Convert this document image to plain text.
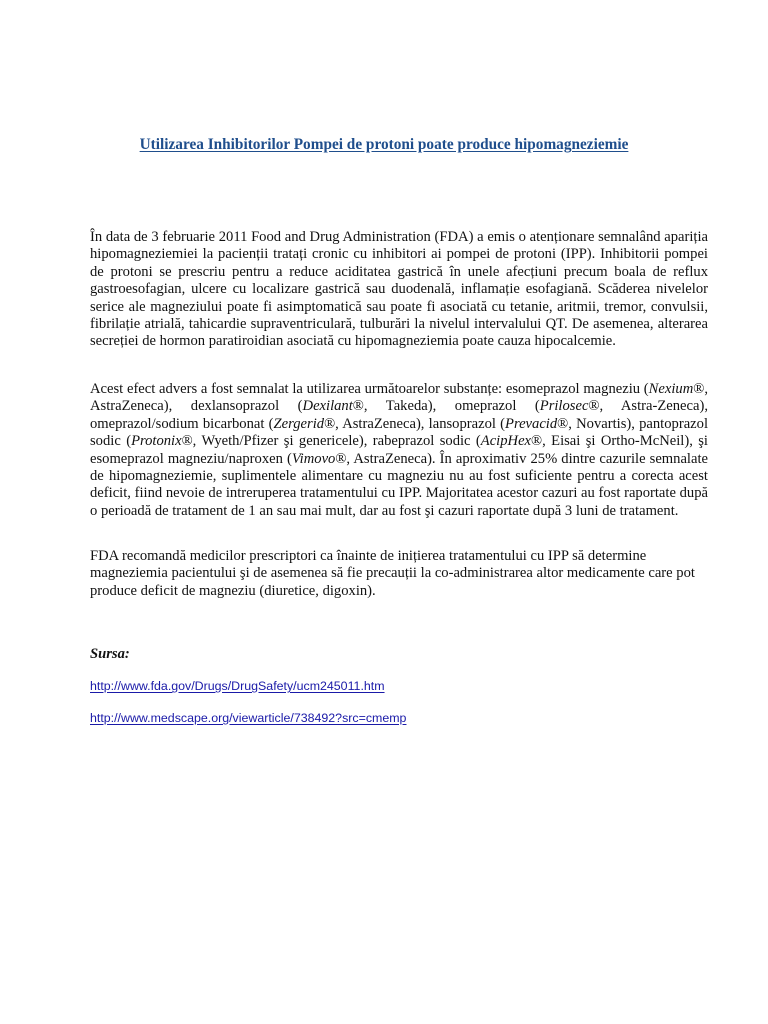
Utilizarea Inhibitorilor Pompei de protoni poate produce hipomagneziemie

În data de 3 februarie 2011 Food and Drug Administration (FDA) a emis o atenționare semnalând apariția hipomagneziemiei la pacienții tratați cronic cu inhibitori ai pompei de protoni (IPP). Inhibitorii pompei de protoni se prescriu pentru a reduce aciditatea gastrică în unele afecțiuni precum boala de reflux gastroesofagian, ulcere cu localizare gastrică sau duodenală, inflamație esofagiană. Scăderea nivelelor serice ale magneziului poate fi asimptomatică sau poate fi asociată cu tetanie, aritmii, tremor, convulsii, fibrilație atrială, tahicardie supraventriculară, tulburări la nivelul intervalului QT. De asemenea, alterarea secreției de hormon paratiroidian asociată cu hipomagneziemia poate cauza hipocalcemie.

Acest efect advers a fost semnalat la utilizarea următoarelor substanțe: esomeprazol magneziu (Nexium®, AstraZeneca), dexlansoprazol (Dexilant®, Takeda), omeprazol (Prilosec®, Astra-Zeneca), omeprazol/sodium bicarbonat (Zergerid®, AstraZeneca), lansoprazol (Prevacid®, Novartis), pantoprazol sodic (Protonix®, Wyeth/Pfizer şi genericele), rabeprazol sodic (AcipHex®, Eisai şi Ortho-McNeil), şi esomeprazol magneziu/naproxen (Vimovo®, AstraZeneca). În aproximativ 25% dintre cazurile semnalate de hipomagneziemie, suplimentele alimentare cu magneziu nu au fost suficiente pentru a corecta acest deficit, fiind nevoie de intreruperea tratamentului cu IPP. Majoritatea acestor cazuri au fost raportate după o perioadă de tratament de 1 an sau mai mult, dar au fost şi cazuri raportate după 3 luni de tratament.

FDA recomandă medicilor prescriptori ca înainte de inițierea tratamentului cu IPP să determine magneziemia pacientului şi de asemenea să fie precauții la co-administrarea altor medicamente care pot produce deficit de magneziu (diuretice, digoxin).

Sursa:

http://www.fda.gov/Drugs/DrugSafety/ucm245011.htm
http://www.medscape.org/viewarticle/738492?src=cmemp
